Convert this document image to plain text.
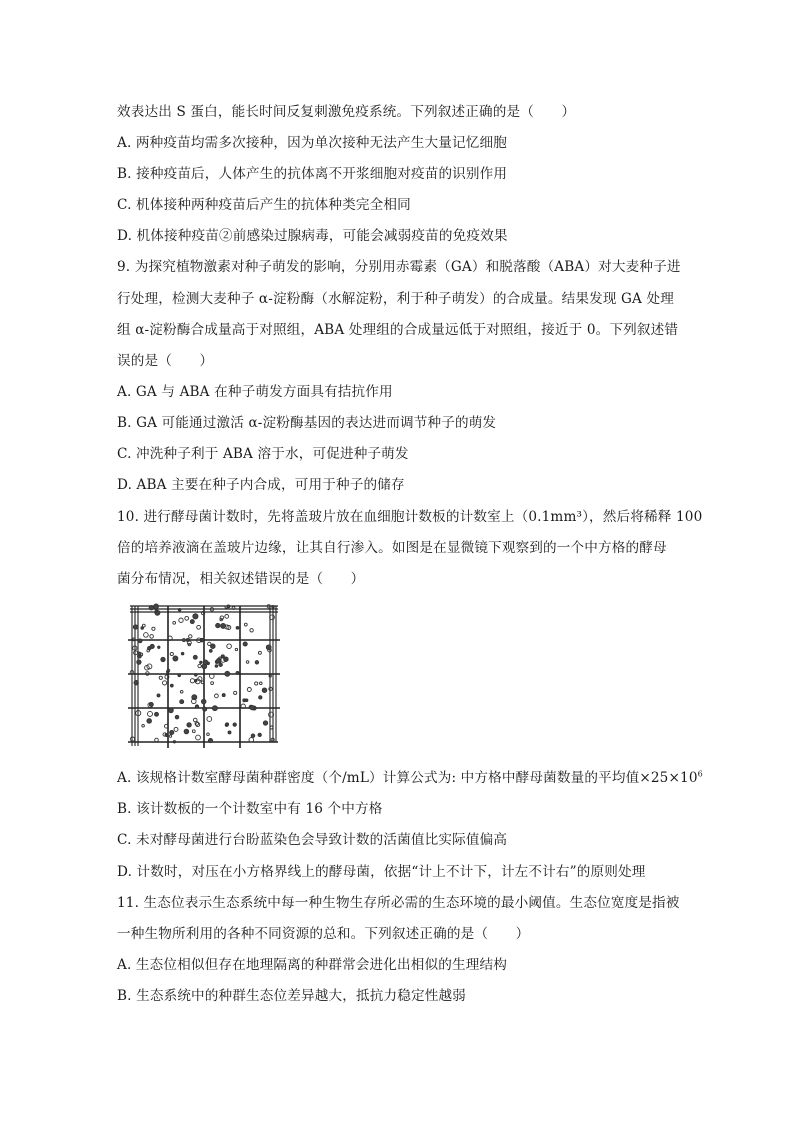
效表达出 S 蛋白，能长时间反复刺激免疫系统。下列叙述正确的是（　　）
A. 两种疫苗均需多次接种，因为单次接种无法产生大量记忆细胞
B. 接种疫苗后，人体产生的抗体离不开浆细胞对疫苗的识别作用
C. 机体接种两种疫苗后产生的抗体种类完全相同
D. 机体接种疫苗②前感染过腺病毒，可能会减弱疫苗的免疫效果
9. 为探究植物激素对种子萌发的影响，分别用赤霉素（GA）和脱落酸（ABA）对大麦种子进
行处理，检测大麦种子 α-淀粉酶（水解淀粉，利于种子萌发）的合成量。结果发现 GA 处理
组 α-淀粉酶合成量高于对照组，ABA 处理组的合成量远低于对照组，接近于 0。下列叙述错
误的是（　　）
A. GA 与 ABA 在种子萌发方面具有拮抗作用
B. GA 可能通过激活 α-淀粉酶基因的表达进而调节种子的萌发
C. 冲洗种子利于 ABA 溶于水，可促进种子萌发
D. ABA 主要在种子内合成，可用于种子的储存
10. 进行酵母菌计数时，先将盖玻片放在血细胞计数板的计数室上（0.1mm³），然后将稀释 100
倍的培养液滴在盖玻片边缘，让其自行渗入。如图是在显微镜下观察到的一个中方格的酵母
菌分布情况，相关叙述错误的是（　　）
A. 该规格计数室酵母菌种群密度（个/mL）计算公式为: 中方格中酵母菌数量的平均值$\times 25\times 10^6$
B. 该计数板的一个计数室中有 16 个中方格
C. 未对酵母菌进行台盼蓝染色会导致计数的活菌值比实际值偏高
D. 计数时，对压在小方格界线上的酵母菌，依据“计上不计下，计左不计右”的原则处理
11. 生态位表示生态系统中每一种生物生存所必需的生态环境的最小阈值。生态位宽度是指被
一种生物所利用的各种不同资源的总和。下列叙述正确的是（　　）
A. 生态位相似但存在地理隔离的种群常会进化出相似的生理结构
B. 生态系统中的种群生态位差异越大，抵抗力稳定性越弱
